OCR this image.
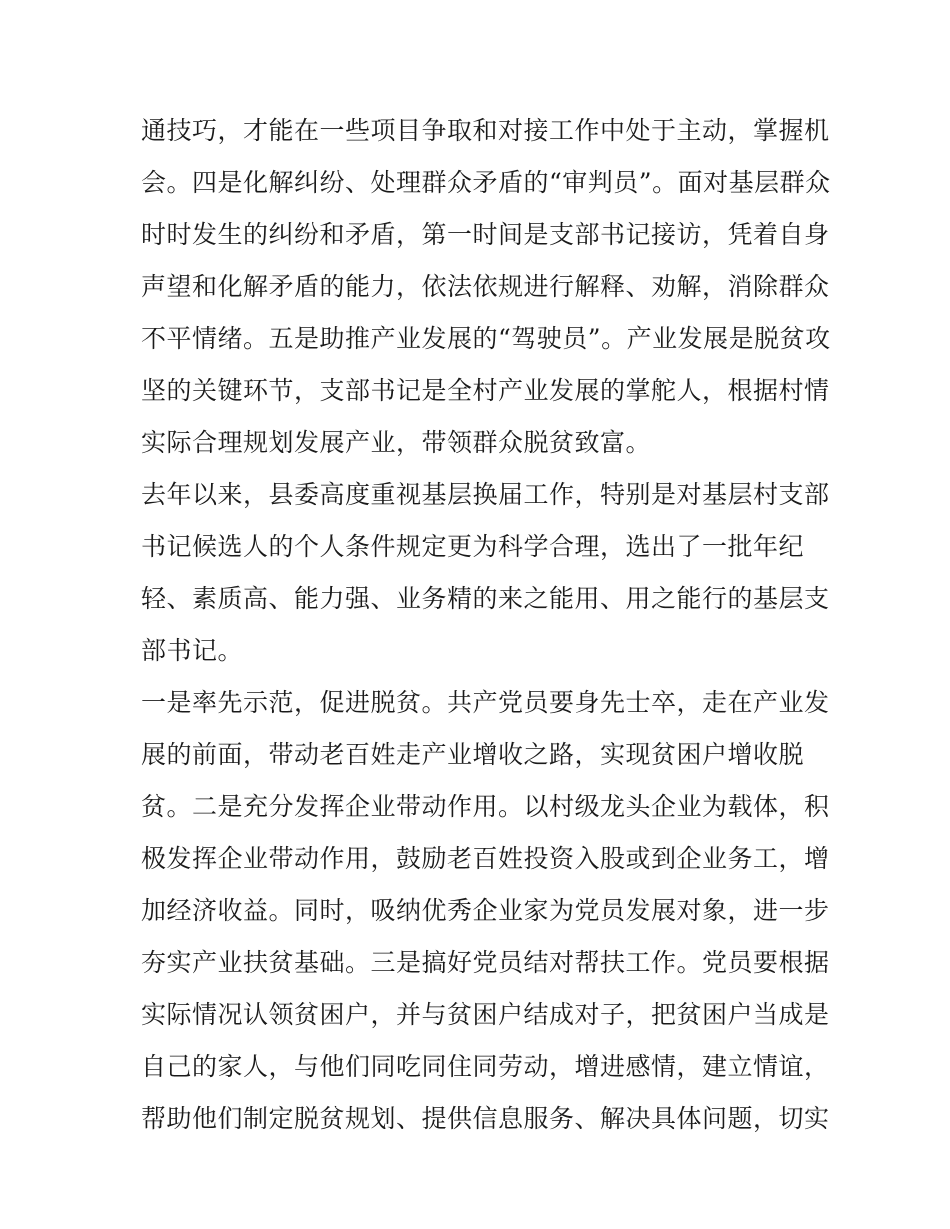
通技巧，才能在一些项目争取和对接工作中处于主动，掌握机
会。四是化解纠纷、处理群众矛盾的“审判员”。面对基层群众
时时发生的纠纷和矛盾，第一时间是支部书记接访，凭着自身
声望和化解矛盾的能力，依法依规进行解释、劝解，消除群众
不平情绪。五是助推产业发展的“驾驶员”。产业发展是脱贫攻
坚的关键环节，支部书记是全村产业发展的掌舵人，根据村情
实际合理规划发展产业，带领群众脱贫致富。
去年以来，县委高度重视基层换届工作，特别是对基层村支部
书记候选人的个人条件规定更为科学合理，选出了一批年纪
轻、素质高、能力强、业务精的来之能用、用之能行的基层支
部书记。
一是率先示范，促进脱贫。共产党员要身先士卒，走在产业发
展的前面，带动老百姓走产业增收之路，实现贫困户增收脱
贫。二是充分发挥企业带动作用。以村级龙头企业为载体，积
极发挥企业带动作用，鼓励老百姓投资入股或到企业务工，增
加经济收益。同时，吸纳优秀企业家为党员发展对象，进一步
夯实产业扶贫基础。三是搞好党员结对帮扶工作。党员要根据
实际情况认领贫困户，并与贫困户结成对子，把贫困户当成是
自己的家人，与他们同吃同住同劳动，增进感情，建立情谊，
帮助他们制定脱贫规划、提供信息服务、解决具体问题，切实
